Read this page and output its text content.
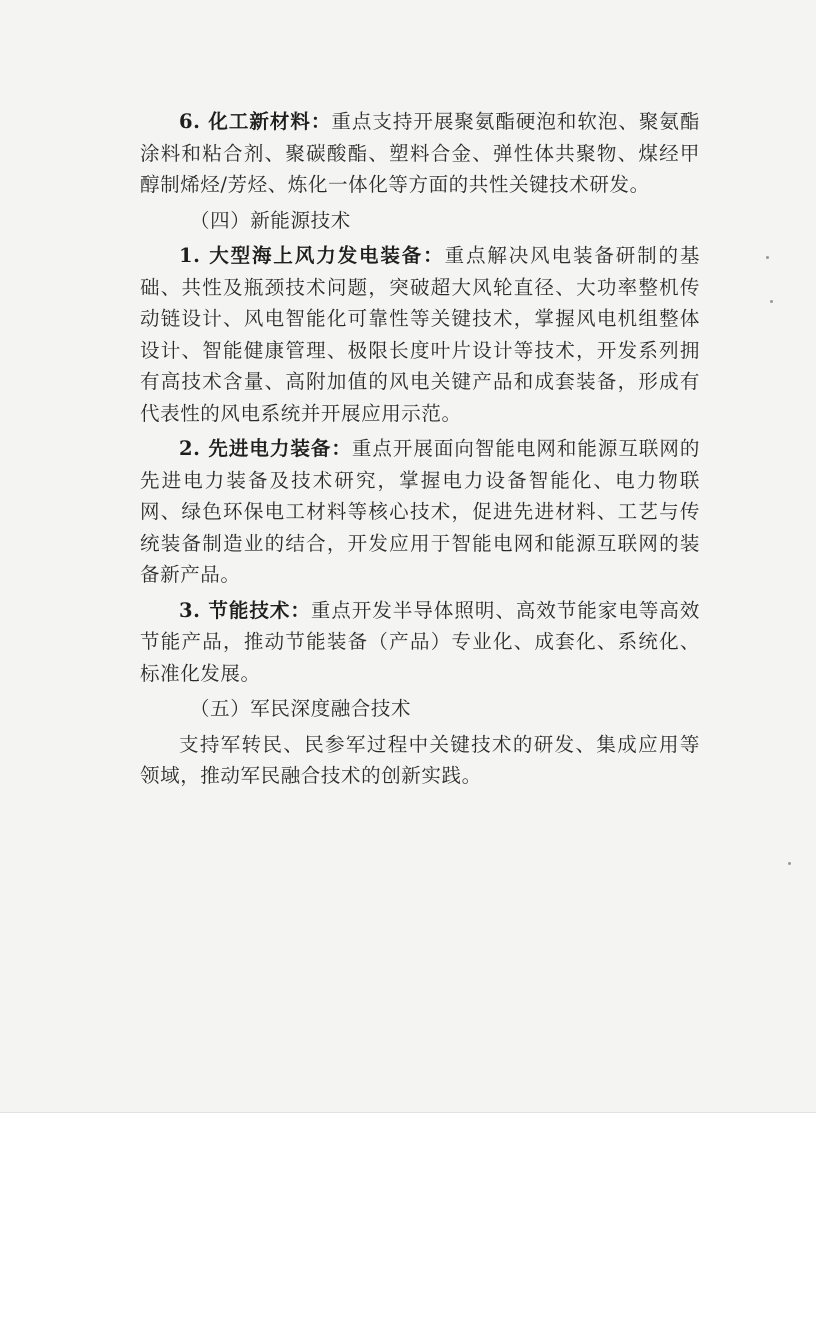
6. 化工新材料：重点支持开展聚氨酯硬泡和软泡、聚氨酯涂料和粘合剂、聚碳酸酯、塑料合金、弹性体共聚物、煤经甲醇制烯烃/芳烃、炼化一体化等方面的共性关键技术研发。

（四）新能源技术

1. 大型海上风力发电装备：重点解决风电装备研制的基础、共性及瓶颈技术问题，突破超大风轮直径、大功率整机传动链设计、风电智能化可靠性等关键技术，掌握风电机组整体设计、智能健康管理、极限长度叶片设计等技术，开发系列拥有高技术含量、高附加值的风电关键产品和成套装备，形成有代表性的风电系统并开展应用示范。

2. 先进电力装备：重点开展面向智能电网和能源互联网的先进电力装备及技术研究，掌握电力设备智能化、电力物联网、绿色环保电工材料等核心技术，促进先进材料、工艺与传统装备制造业的结合，开发应用于智能电网和能源互联网的装备新产品。

3. 节能技术：重点开发半导体照明、高效节能家电等高效节能产品，推动节能装备（产品）专业化、成套化、系统化、标准化发展。

（五）军民深度融合技术

支持军转民、民参军过程中关键技术的研发、集成应用等领域，推动军民融合技术的创新实践。
